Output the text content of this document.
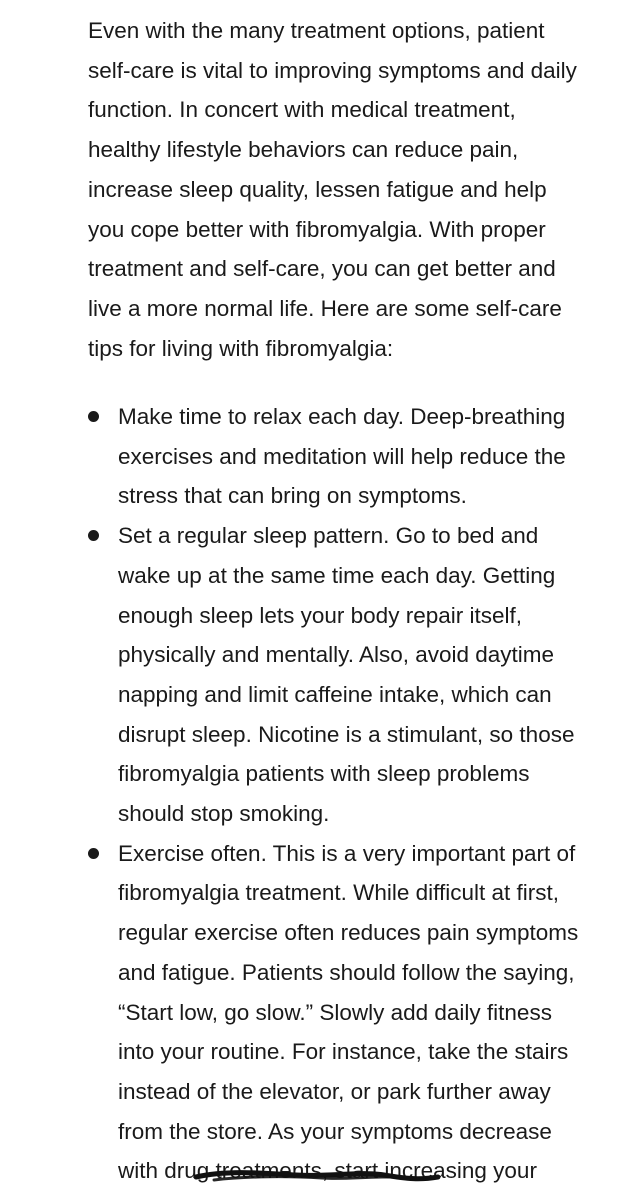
Even with the many treatment options, patient
self-care is vital to improving symptoms and daily
function. In concert with medical treatment,
healthy lifestyle behaviors can reduce pain,
increase sleep quality, lessen fatigue and help
you cope better with fibromyalgia. With proper
treatment and self-care, you can get better and
live a more normal life. Here are some self-care
tips for living with fibromyalgia:

Make time to relax each day. Deep-breathing
exercises and meditation will help reduce the
stress that can bring on symptoms.
Set a regular sleep pattern. Go to bed and
wake up at the same time each day. Getting
enough sleep lets your body repair itself,
physically and mentally. Also, avoid daytime
napping and limit caffeine intake, which can
disrupt sleep. Nicotine is a stimulant, so those
fibromyalgia patients with sleep problems
should stop smoking.
Exercise often. This is a very important part of
fibromyalgia treatment. While difficult at first,
regular exercise often reduces pain symptoms
and fatigue. Patients should follow the saying,
“Start low, go slow.” Slowly add daily fitness
into your routine. For instance, take the stairs
instead of the elevator, or park further away
from the store. As your symptoms decrease
with drug treatments, start increasing your
